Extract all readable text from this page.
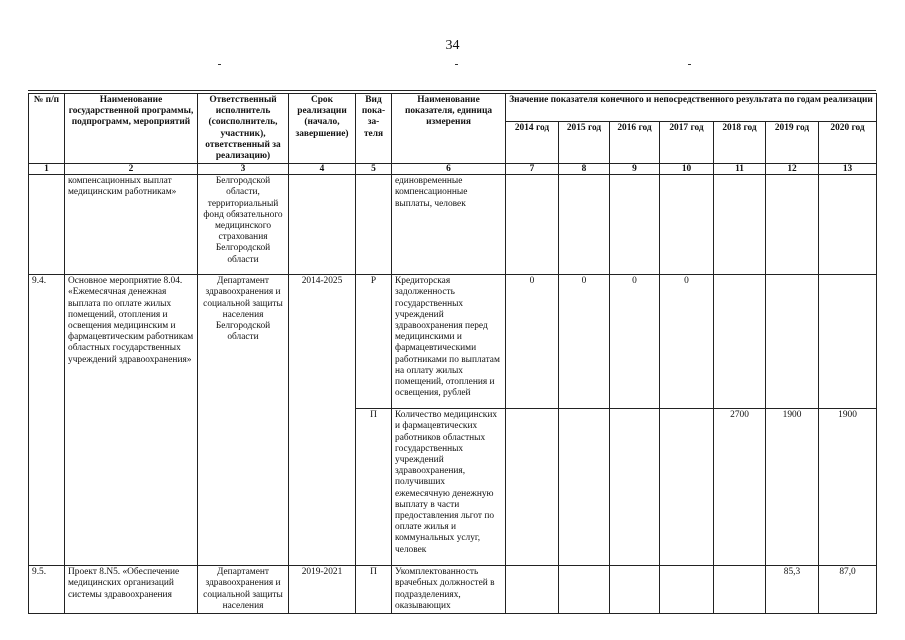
34
№ п/п	Наименование государственной программы, подпрограмм, мероприятий	Ответственный исполнитель (соисполнитель, участник), ответственный за реализацию)	Срок реализации (начало, завершение)	Вид пока-за-теля	Наименование показателя, единица измерения	Значение показателя конечного и непосредственного результата по годам реализации						
						2014 год	2015 год	2016 год	2017 год	2018 год	2019 год	2020 год
1	2	3	4	5	6	7	8	9	10	11	12	13
	компенсационных выплат медицинским работникам»	Белгородской области, территориальный фонд обязательного медицинского страхования Белгородской области			единовременные компенсационные выплаты, человек							
9.4.	Основное мероприятие 8.04. «Ежемесячная денежная выплата по оплате жилых помещений, отопления и освещения медицинским и фармацевтическим работникам областных государственных учреждений здравоохранения»	Департамент здравоохранения и социальной защиты населения Белгородской области	2014-2025	Р	Кредиторская задолженность государственных учреждений здравоохранения перед медицинскими и фармацевтическими работниками по выплатам на оплату жилых помещений, отопления и освещения, рублей	0	0	0	0			
				П	Количество медицинских и фармацевтических работников областных государственных учреждений здравоохранения, получивших ежемесячную денежную выплату в части предоставления льгот по оплате жилья и коммунальных услуг, человек					2700	1900	1900
9.5.	Проект 8.N5. «Обеспечение медицинских организаций системы здравоохранения	Департамент здравоохранения и социальной защиты населения	2019-2021	П	Укомплектованность врачебных должностей в подразделениях, оказывающих						85,3	87,0
